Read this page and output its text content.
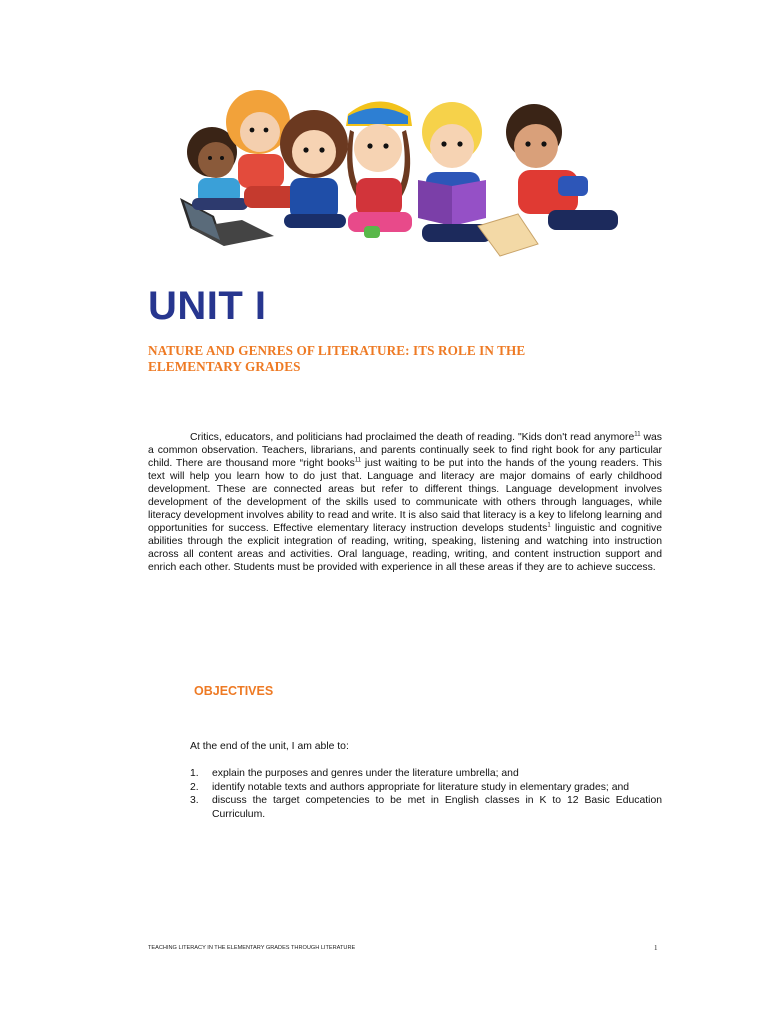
UNIT I
NATURE AND GENRES OF LITERATURE: ITS ROLE IN THE ELEMENTARY GRADES

Critics, educators, and politicians had proclaimed the death of reading. "Kids don't read anymore$^{11}$ was a common observation. Teachers, librarians, and parents continually seek to find right book for any particular child. There are thousand more “right books$^{11}$ just waiting to be put into the hands of the young readers. This text will help you learn how to do just that. Language and literacy are major domains of early childhood development. These are connected areas but refer to different things. Language development involves development of the development of the skills used to communicate with others through languages, while literacy development involves ability to read and write. It is also said that literacy is a key to lifelong learning and opportunities for success. Effective elementary literacy instruction develops students$^1$ linguistic and cognitive abilities through the explicit integration of reading, writing, speaking, listening and watching into instruction across all content areas and activities. Oral language, reading, writing, and content instruction support and enrich each other. Students must be provided with experience in all these areas if they are to achieve success.

OBJECTIVES

At the end of the unit, I am able to:

1. explain the purposes and genres under the literature umbrella; and
2. identify notable texts and authors appropriate for literature study in elementary grades; and
3. discuss the target competencies to be met in English classes in K to 12 Basic Education Curriculum.

TEACHING LITERACY IN THE ELEMENTARY GRADES THROUGH LITERATURE	1
